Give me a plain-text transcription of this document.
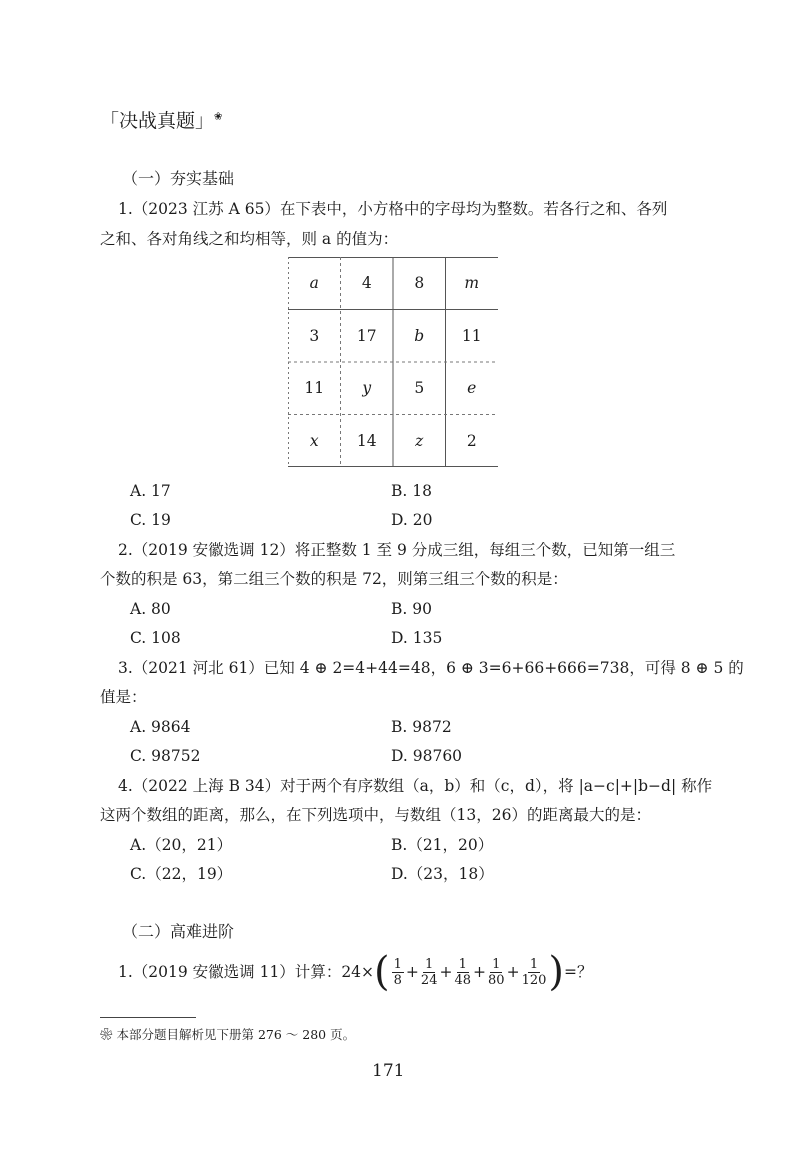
「决战真题」❀
（一）夯实基础
1.（2023 江苏 A 65）在下表中，小方格中的字母均为整数。若各行之和、各列
之和、各对角线之和均相等，则 a 的值为：
a	4	8	m
3	17	b	11
11	y	5	e
x	14	z	2
A. 17	B. 18
C. 19	D. 20
2.（2019 安徽选调 12）将正整数 1 至 9 分成三组，每组三个数，已知第一组三
个数的积是 63，第二组三个数的积是 72，则第三组三个数的积是：
A. 80	B. 90
C. 108	D. 135
3.（2021 河北 61）已知 4 ⊕ 2=4+44=48，6 ⊕ 3=6+66+666=738，可得 8 ⊕ 5 的
值是：
A. 9864	B. 9872
C. 98752	D. 98760
4.（2022 上海 B 34）对于两个有序数组（a，b）和（c，d），将 |a−c|+|b−d| 称作
这两个数组的距离，那么，在下列选项中，与数组（13，26）的距离最大的是：
A.（20，21）	B.（21，20）
C.（22，19）	D.（23，18）
（二）高难进阶
1.（2019 安徽选调 11）计算：24× ( $\frac{1}{8} + \frac{1}{24} + \frac{1}{48} + \frac{1}{80} + \frac{1}{120}$ ) =？
❀ 本部分题目解析见下册第 276 ～ 280 页。
171
